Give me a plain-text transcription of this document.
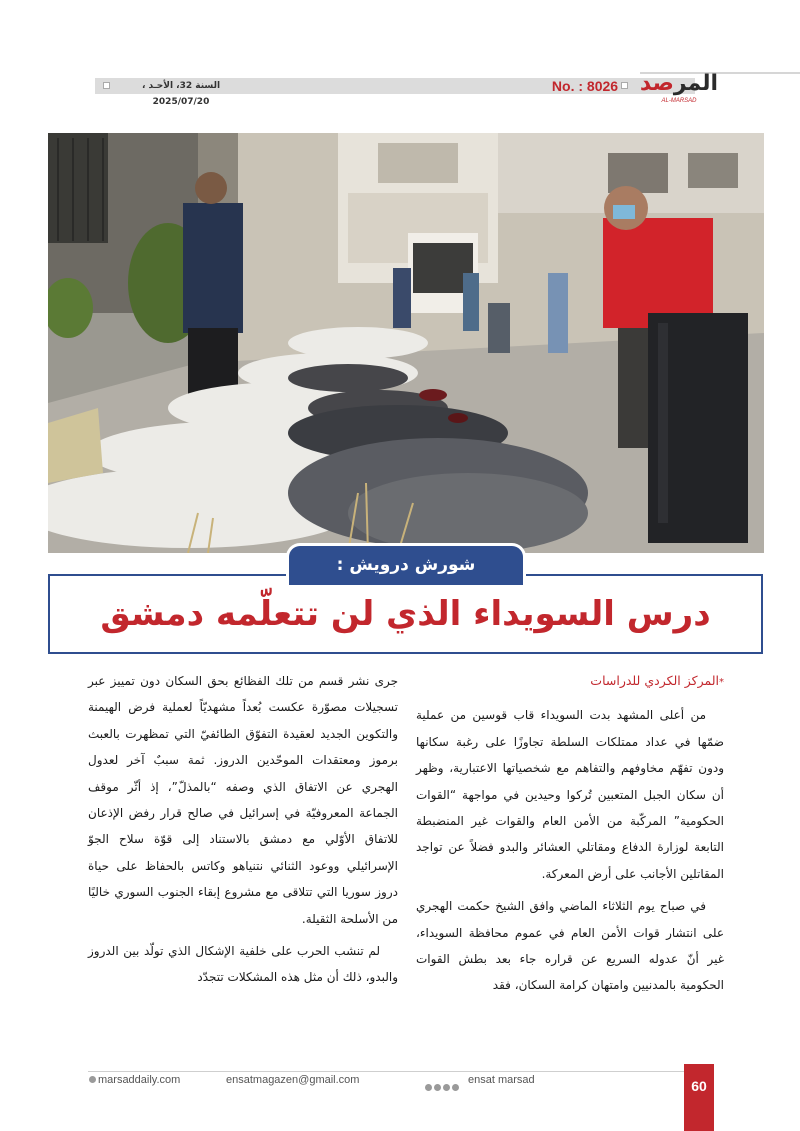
السنة 32، الأحـد ، 2025/07/20
No. : 8026	المرصد
AL-MARSAD
درس السويداء الذي لن تتعلّمه دمشق
شورش درويش :

*المركز الكردي للدراسات

من أعلى المشهد بدت السويداء قاب قوسين من عملية ضمّها في عداد ممتلكات السلطة تجاوزًا على رغبة سكانها ودون تفهّم مخاوفهم والتفاهم مع شخصياتها الاعتبارية، وظهر أن سكان الجبل المتعبين تُركوا وحيدين في مواجهة “القوات الحكومية” المركّبة من الأمن العام والقوات غير المنضبطة التابعة لوزارة الدفاع ومقاتلي العشائر والبدو فضلاً عن تواجد المقاتلين الأجانب على أرض المعركة.

في صباح يوم الثلاثاء الماضي وافق الشيخ حكمت الهجري على انتشار قوات الأمن العام في عموم محافظة السويداء، غير أنّ عدوله السريع عن قراره جاء بعد بطش القوات الحكومية بالمدنيين وامتهان كرامة السكان، فقد

جرى نشر قسم من تلك الفظائع بحق السكان دون تمييز عبر تسجيلات مصوّرة عكست بُعداً مشهديّاً لعملية فرض الهيمنة والتكوين الجديد لعقيدة التفوّق الطائفيّ التي تمظهرت بالعبث برموز ومعتقدات الموحّدين الدروز. ثمة سببٌ آخر لعدول الهجري عن الاتفاق الذي وصفه “بالمذلّ”، إذ أثّر موقف الجماعة المعروفيّة في إسرائيل في صالح قرار رفض الإذعان للاتفاق الأوّلي مع دمشق بالاستناد إلى قوّة سلاح الجوّ الإسرائيلي ووعود الثنائي نتنياهو وكاتس بالحفاظ على حياة دروز سوريا التي تتلاقى مع مشروع إبقاء الجنوب السوري خاليًا من الأسلحة الثقيلة.

لم تنشب الحرب على خلفية الإشكال الذي تولّد بين الدروز والبدو، ذلك أن مثل هذه المشكلات تتجدّد

marsaddaily.com	ensatmagazen@gmail.com	ensat marsad	60
